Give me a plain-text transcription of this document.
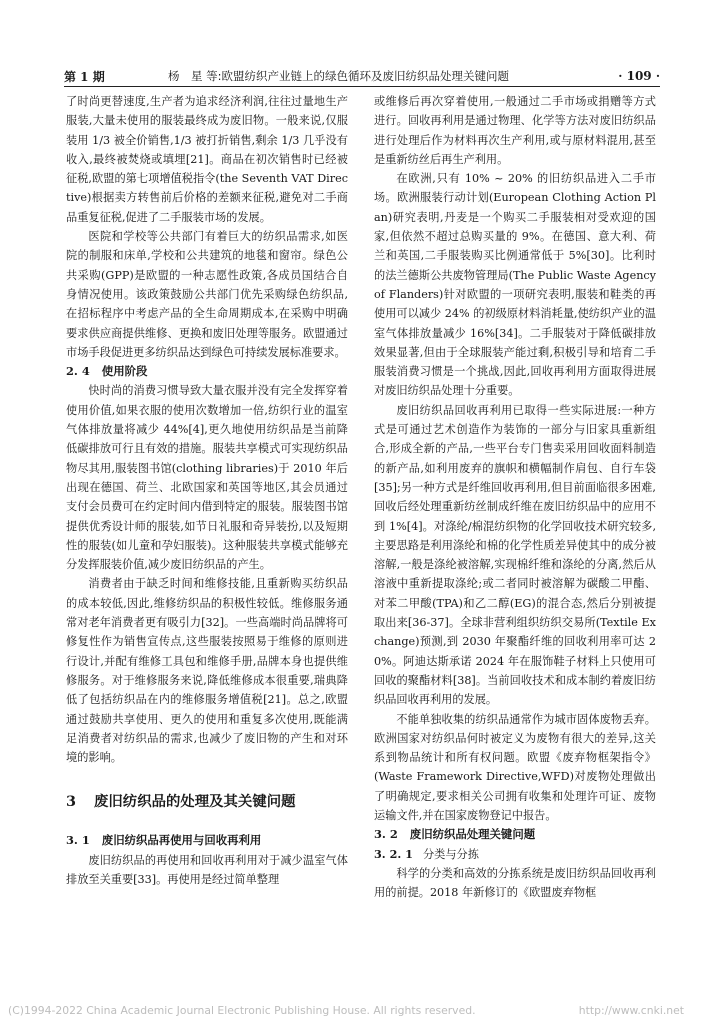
第 1 期	杨　星 等:欧盟纺织产业链上的绿色循环及废旧纺织品处理关键问题	· 109 ·

了时尚更替速度,生产者为追求经济利润,往往过量地生产服装,大量未使用的服装最终成为废旧物。一般来说,仅服装用 1/3 被全价销售,1/3 被打折销售,剩余 1/3 几乎没有收入,最终被焚烧或填埋[21]。商品在初次销售时已经被征税,欧盟的第七项增值税指令(the Seventh VAT Directive)根据卖方转售前后价格的差额来征税,避免对二手商品重复征税,促进了二手服装市场的发展。

医院和学校等公共部门有着巨大的纺织品需求,如医院的制服和床单,学校和公共建筑的地毯和窗帘。绿色公共采购(GPP)是欧盟的一种志愿性政策,各成员国结合自身情况使用。该政策鼓励公共部门优先采购绿色纺织品,在招标程序中考虑产品的全生命周期成本,在采购中明确要求供应商提供维修、更换和废旧处理等服务。欧盟通过市场手段促进更多纺织品达到绿色可持续发展标准要求。

2. 4 使用阶段

快时尚的消费习惯导致大量衣服并没有完全发挥穿着使用价值,如果衣服的使用次数增加一倍,纺织行业的温室气体排放量将减少 44%[4],更久地使用纺织品是当前降低碳排放可行且有效的措施。服装共享模式可实现纺织品物尽其用,服装图书馆(clothing libraries)于 2010 年后出现在德国、荷兰、北欧国家和英国等地区,其会员通过支付会员费可在约定时间内借到特定的服装。服装图书馆提供优秀设计师的服装,如节日礼服和奇异装扮,以及短期性的服装(如儿童和孕妇服装)。这种服装共享模式能够充分发挥服装价值,减少废旧纺织品的产生。

消费者由于缺乏时间和维修技能,且重新购买纺织品的成本较低,因此,维修纺织品的积极性较低。维修服务通常对老年消费者更有吸引力[32]。一些高端时尚品牌将可修复性作为销售宣传点,这些服装按照易于维修的原则进行设计,并配有维修工具包和维修手册,品牌本身也提供维修服务。对于维修服务来说,降低维修成本很重要,瑞典降低了包括纺织品在内的维修服务增值税[21]。总之,欧盟通过鼓励共享使用、更久的使用和重复多次使用,既能满足消费者对纺织品的需求,也减少了废旧物的产生和对环境的影响。

3 废旧纺织品的处理及其关键问题
3. 1 废旧纺织品再使用与回收再利用

废旧纺织品的再使用和回收再利用对于减少温室气体排放至关重要[33]。再使用是经过简单整理

或维修后再次穿着使用,一般通过二手市场或捐赠等方式进行。回收再利用是通过物理、化学等方法对废旧纺织品进行处理后作为材料再次生产利用,或与原材料混用,甚至是重新纺丝后再生产利用。

在欧洲,只有 10% ~ 20% 的旧纺织品进入二手市场。欧洲服装行动计划(European Clothing Action Plan)研究表明,丹麦是一个购买二手服装相对受欢迎的国家,但依然不超过总购买量的 9%。在德国、意大利、荷兰和英国,二手服装购买比例通常低于 5%[30]。比利时的法兰德斯公共废物管理局(The Public Waste Agency of Flanders)针对欧盟的一项研究表明,服装和鞋类的再使用可以减少 24% 的初级原材料消耗量,使纺织产业的温室气体排放量减少 16%[34]。二手服装对于降低碳排放效果显著,但由于全球服装产能过剩,积极引导和培育二手服装消费习惯是一个挑战,因此,回收再利用方面取得进展对废旧纺织品处理十分重要。

废旧纺织品回收再利用已取得一些实际进展:一种方式是可通过艺术创造作为装饰的一部分与旧家具重新组合,形成全新的产品,一些平台专门售卖采用回收面料制造的新产品,如利用废弃的旗帜和横幅制作肩包、自行车袋[35];另一种方式是纤维回收再利用,但目前面临很多困难,回收后经处理重新纺丝制成纤维在废旧纺织品中的应用不到 1%[4]。对涤纶/棉混纺织物的化学回收技术研究较多,主要思路是利用涤纶和棉的化学性质差异使其中的成分被溶解,一般是涤纶被溶解,实现棉纤维和涤纶的分离,然后从溶液中重新提取涤纶;或二者同时被溶解为碳酸二甲酯、对苯二甲酸(TPA)和乙二醇(EG)的混合态,然后分别被提取出来[36-37]。全球非营利组织纺织交易所(Textile Exchange)预测,到 2030 年聚酯纤维的回收利用率可达 20%。阿迪达斯承诺 2024 年在服饰鞋子材料上只使用可回收的聚酯材料[38]。当前回收技术和成本制约着废旧纺织品回收再利用的发展。

不能单独收集的纺织品通常作为城市固体废物丢弃。欧洲国家对纺织品何时被定义为废物有很大的差异,这关系到物品统计和所有权问题。欧盟《废弃物框架指令》(Waste Framework Directive,WFD)对废物处理做出了明确规定,要求相关公司拥有收集和处理许可证、废物运输文件,并在国家废物登记中报告。

3. 2 废旧纺织品处理关键问题
3. 2. 1 分类与分拣

科学的分类和高效的分拣系统是废旧纺织品回收再利用的前提。2018 年新修订的《欧盟废弃物框

(C)1994-2022 China Academic Journal Electronic Publishing House. All rights reserved.	http://www.cnki.net
